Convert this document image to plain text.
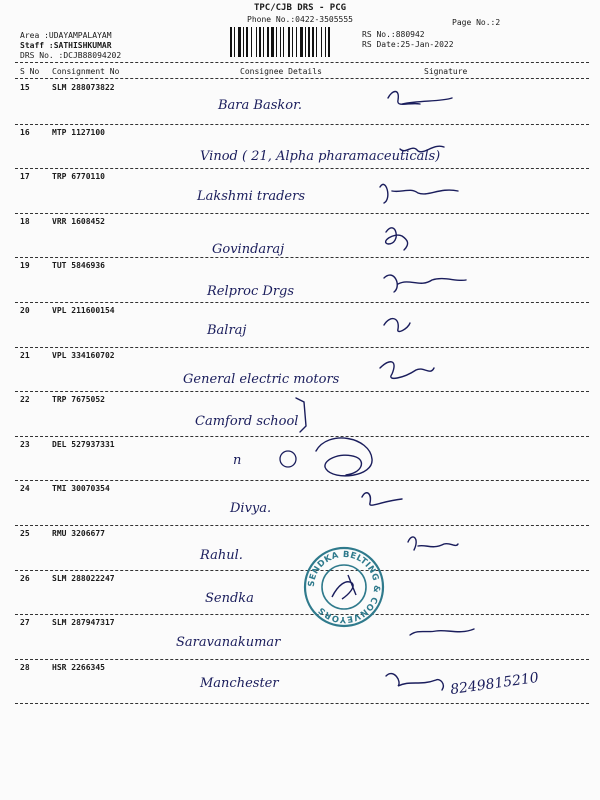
TPC/CJB DRS - PCG
Phone No.:0422-3505555	Page No.:2
Area :UDAYAMPALAYAM
Staff :SATHISHKUMAR
DRS No. :DCJB88094202
RS No.:880942
RS Date:25-Jan-2022
S No Consignment No	Consignee Details	Signature
15	SLM 288073822
Bara Baskor.
16	MTP 1127100
Vinod ( 21, Alpha pharamaceuticals)
17	TRP 6770110
Lakshmi traders
18	VRR 1608452
Govindaraj
19	TUT 5846936
Relproc Drgs
20	VPL 211600154
Balraj
21	VPL 334160702
General electric motors
22	TRP 7675052
Camford school
23	DEL 527937331
n
24	TMI 30070354
Divya.
25	RMU 3206677
Rahul.
26	SLM 288022247
Sendka
27	SLM 287947317
Saravanakumar
28	HSR 2266345
Manchester
SENDKA BELTING & CONVEYORS
8249815210
